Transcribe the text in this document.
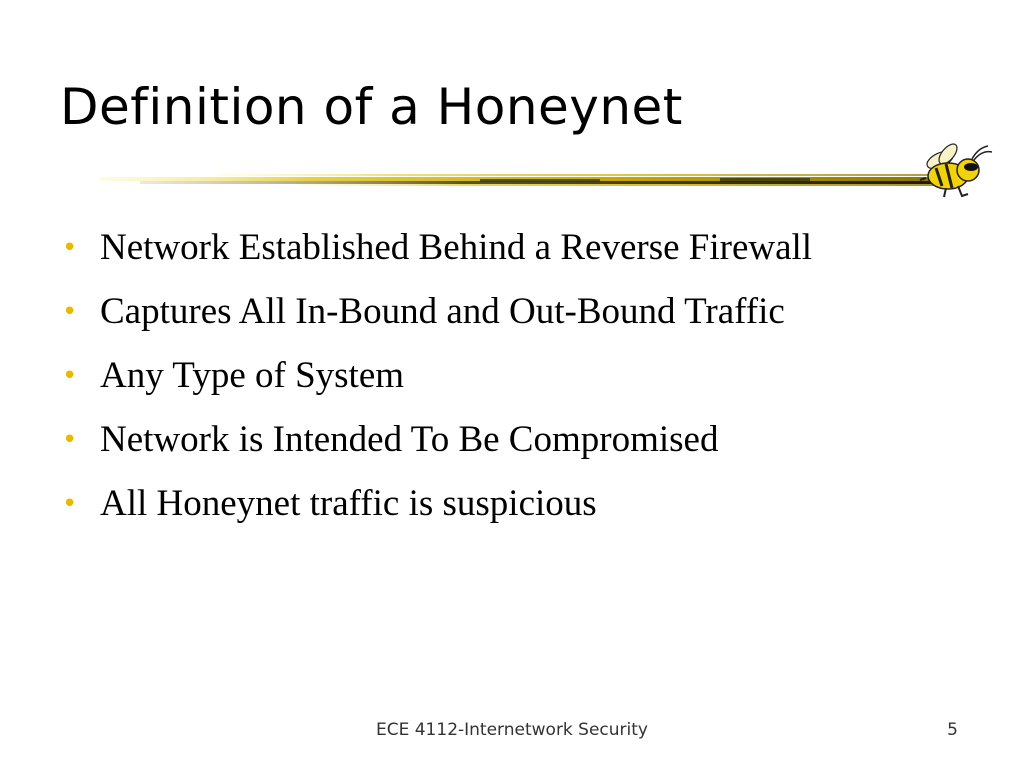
Definition of a Honeynet
• Network Established Behind a Reverse Firewall
• Captures All In-Bound and Out-Bound Traffic
• Any Type of System
• Network is Intended To Be Compromised
• All Honeynet traffic is suspicious
ECE 4112-Internetwork Security	5
